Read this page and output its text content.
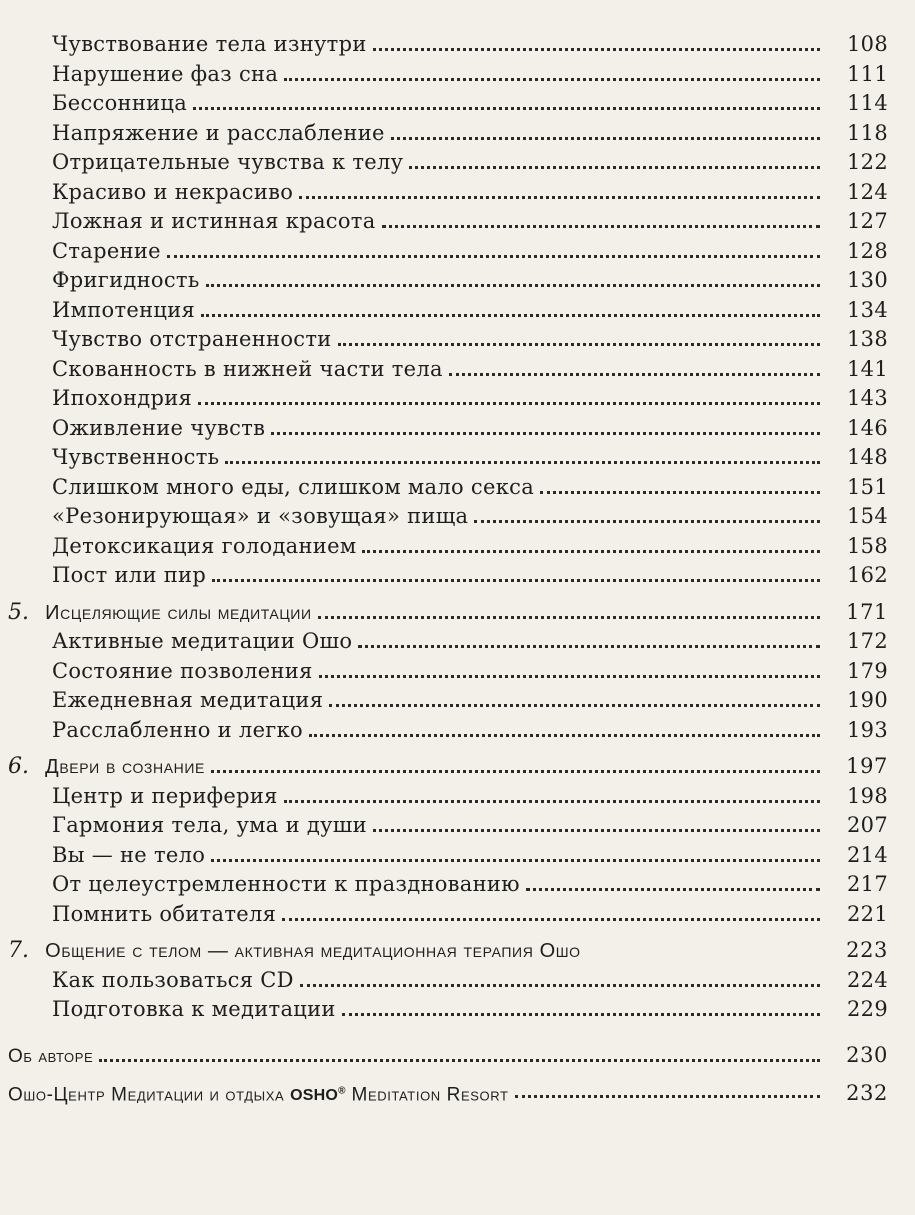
Чувствование тела изнутри	108
Нарушение фаз сна	111
Бессонница	114
Напряжение и расслабление	118
Отрицательные чувства к телу	122
Красиво и некрасиво	124
Ложная и истинная красота	127
Старение	128
Фригидность	130
Импотенция	134
Чувство отстраненности	138
Скованность в нижней части тела	141
Ипохондрия	143
Оживление чувств	146
Чувственность	148
Слишком много еды, слишком мало секса	151
«Резонирующая» и «зовущая» пища	154
Детоксикация голоданием	158
Пост или пир	162
5. Исцеляющие силы медитации	171
Активные медитации Ошо	172
Состояние позволения	179
Ежедневная медитация	190
Расслабленно и легко	193
6. Двери в сознание	197
Центр и периферия	198
Гармония тела, ума и души	207
Вы — не тело	214
От целеустремленности к празднованию	217
Помнить обитателя	221
7. Общение с телом — активная медитационная терапия Ошо	223
Как пользоваться CD	224
Подготовка к медитации	229
Об авторе	230
Ошо-Центр Медитации и отдыха OSHO® Meditation Resort	232
